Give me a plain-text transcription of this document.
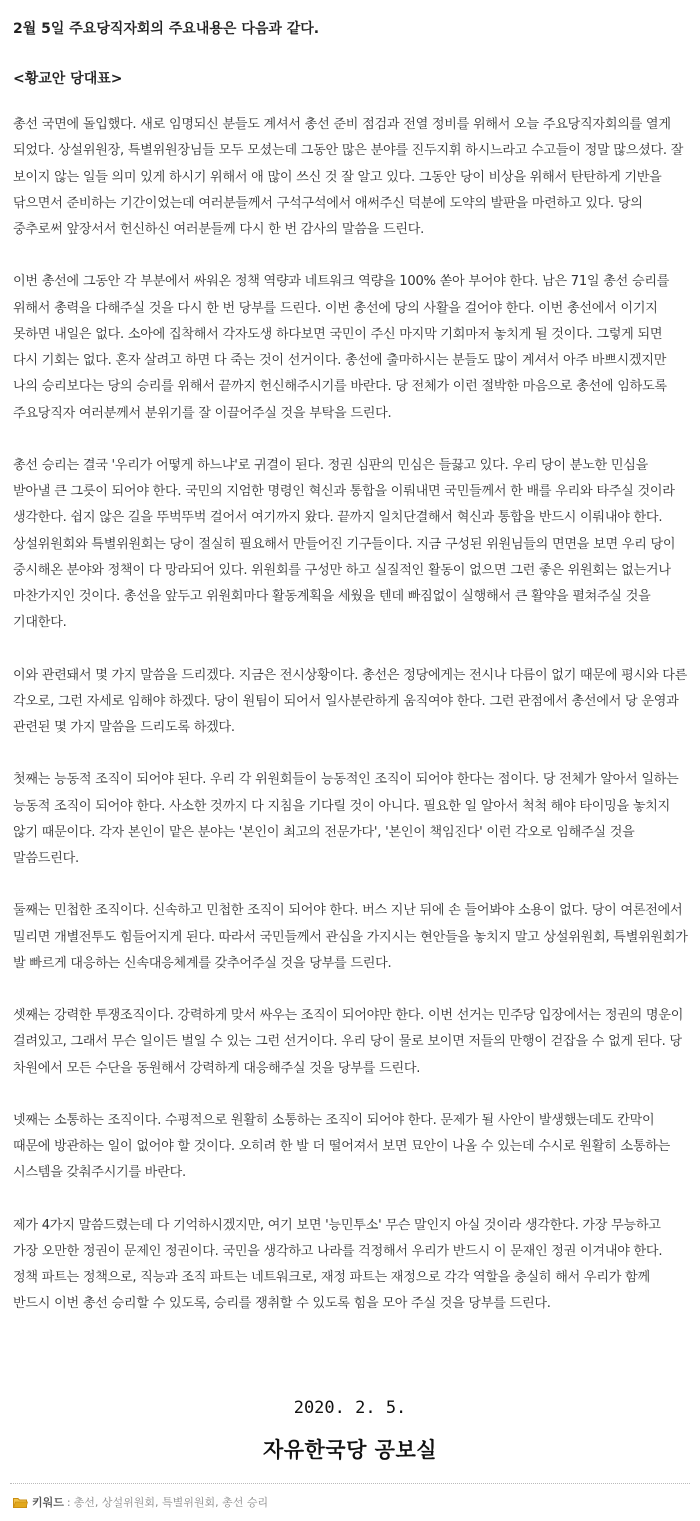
2월 5일 주요당직자회의 주요내용은 다음과 같다.
<황교안 당대표>

총선 국면에 돌입했다. 새로 임명되신 분들도 계셔서 총선 준비 점검과 전열 정비를 위해서 오늘 주요당직자회의를 열게 되었다. 상설위원장, 특별위원장님들 모두 모셨는데 그동안 많은 분야를 진두지휘 하시느라고 수고들이 정말 많으셨다. 잘 보이지 않는 일들 의미 있게 하시기 위해서 애 많이 쓰신 것 잘 알고 있다. 그동안 당이 비상을 위해서 탄탄하게 기반을 닦으면서 준비하는 기간이었는데 여러분들께서 구석구석에서 애써주신 덕분에 도약의 발판을 마련하고 있다. 당의 중추로써 앞장서서 헌신하신 여러분들께 다시 한 번 감사의 말씀을 드린다.

이번 총선에 그동안 각 부분에서 싸워온 정책 역량과 네트워크 역량을 100% 쏟아 부어야 한다. 남은 71일 총선 승리를 위해서 총력을 다해주실 것을 다시 한 번 당부를 드린다. 이번 총선에 당의 사활을 걸어야 한다. 이번 총선에서 이기지 못하면 내일은 없다. 소아에 집착해서 각자도생 하다보면 국민이 주신 마지막 기회마저 놓치게 될 것이다. 그렇게 되면 다시 기회는 없다. 혼자 살려고 하면 다 죽는 것이 선거이다. 총선에 출마하시는 분들도 많이 계셔서 아주 바쁘시겠지만 나의 승리보다는 당의 승리를 위해서 끝까지 헌신해주시기를 바란다. 당 전체가 이런 절박한 마음으로 총선에 임하도록 주요당직자 여러분께서 분위기를 잘 이끌어주실 것을 부탁을 드린다.

총선 승리는 결국 '우리가 어떻게 하느냐'로 귀결이 된다. 정권 심판의 민심은 들끓고 있다. 우리 당이 분노한 민심을 받아낼 큰 그릇이 되어야 한다. 국민의 지엄한 명령인 혁신과 통합을 이뤄내면 국민들께서 한 배를 우리와 타주실 것이라 생각한다. 쉽지 않은 길을 뚜벅뚜벅 걸어서 여기까지 왔다. 끝까지 일치단결해서 혁신과 통합을 반드시 이뤄내야 한다. 상설위원회와 특별위원회는 당이 절실히 필요해서 만들어진 기구들이다. 지금 구성된 위원님들의 면면을 보면 우리 당이 중시해온 분야와 정책이 다 망라되어 있다. 위원회를 구성만 하고 실질적인 활동이 없으면 그런 좋은 위원회는 없는거나 마찬가지인 것이다. 총선을 앞두고 위원회마다 활동계획을 세웠을 텐데 빠짐없이 실행해서 큰 활약을 펼쳐주실 것을 기대한다.

이와 관련돼서 몇 가지 말씀을 드리겠다. 지금은 전시상황이다. 총선은 정당에게는 전시나 다름이 없기 때문에 평시와 다른 각오로, 그런 자세로 임해야 하겠다. 당이 원팀이 되어서 일사분란하게 움직여야 한다. 그런 관점에서 총선에서 당 운영과 관련된 몇 가지 말씀을 드리도록 하겠다.

첫째는 능동적 조직이 되어야 된다. 우리 각 위원회들이 능동적인 조직이 되어야 한다는 점이다. 당 전체가 알아서 일하는 능동적 조직이 되어야 한다. 사소한 것까지 다 지침을 기다릴 것이 아니다. 필요한 일 알아서 척척 해야 타이밍을 놓치지 않기 때문이다. 각자 본인이 맡은 분야는 '본인이 최고의 전문가다', '본인이 책임진다' 이런 각오로 임해주실 것을 말씀드린다.

둘째는 민첩한 조직이다. 신속하고 민첩한 조직이 되어야 한다. 버스 지난 뒤에 손 들어봐야 소용이 없다. 당이 여론전에서 밀리면 개별전투도 힘들어지게 된다. 따라서 국민들께서 관심을 가지시는 현안들을 놓치지 말고 상설위원회, 특별위원회가 발 빠르게 대응하는 신속대응체계를 갖추어주실 것을 당부를 드린다.

셋째는 강력한 투쟁조직이다. 강력하게 맞서 싸우는 조직이 되어야만 한다. 이번 선거는 민주당 입장에서는 정권의 명운이 걸려있고, 그래서 무슨 일이든 벌일 수 있는 그런 선거이다. 우리 당이 물로 보이면 저들의 만행이 걷잡을 수 없게 된다. 당 차원에서 모든 수단을 동원해서 강력하게 대응해주실 것을 당부를 드린다.

넷째는 소통하는 조직이다. 수평적으로 원활히 소통하는 조직이 되어야 한다. 문제가 될 사안이 발생했는데도 칸막이 때문에 방관하는 일이 없어야 할 것이다. 오히려 한 발 더 떨어져서 보면 묘안이 나올 수 있는데 수시로 원활히 소통하는 시스템을 갖춰주시기를 바란다.

제가 4가지 말씀드렸는데 다 기억하시겠지만, 여기 보면 '능민투소' 무슨 말인지 아실 것이라 생각한다. 가장 무능하고 가장 오만한 정권이 문제인 정권이다. 국민을 생각하고 나라를 걱정해서 우리가 반드시 이 문재인 정권 이겨내야 한다. 정책 파트는 정책으로, 직능과 조직 파트는 네트워크로, 재정 파트는 재정으로 각각 역할을 충실히 해서 우리가 함께 반드시 이번 총선 승리할 수 있도록, 승리를 쟁취할 수 있도록 힘을 모아 주실 것을 당부를 드린다.

2020. 2. 5.
자유한국당 공보실
키워드 : 총선, 상설위원회, 특별위원회, 총선 승리
